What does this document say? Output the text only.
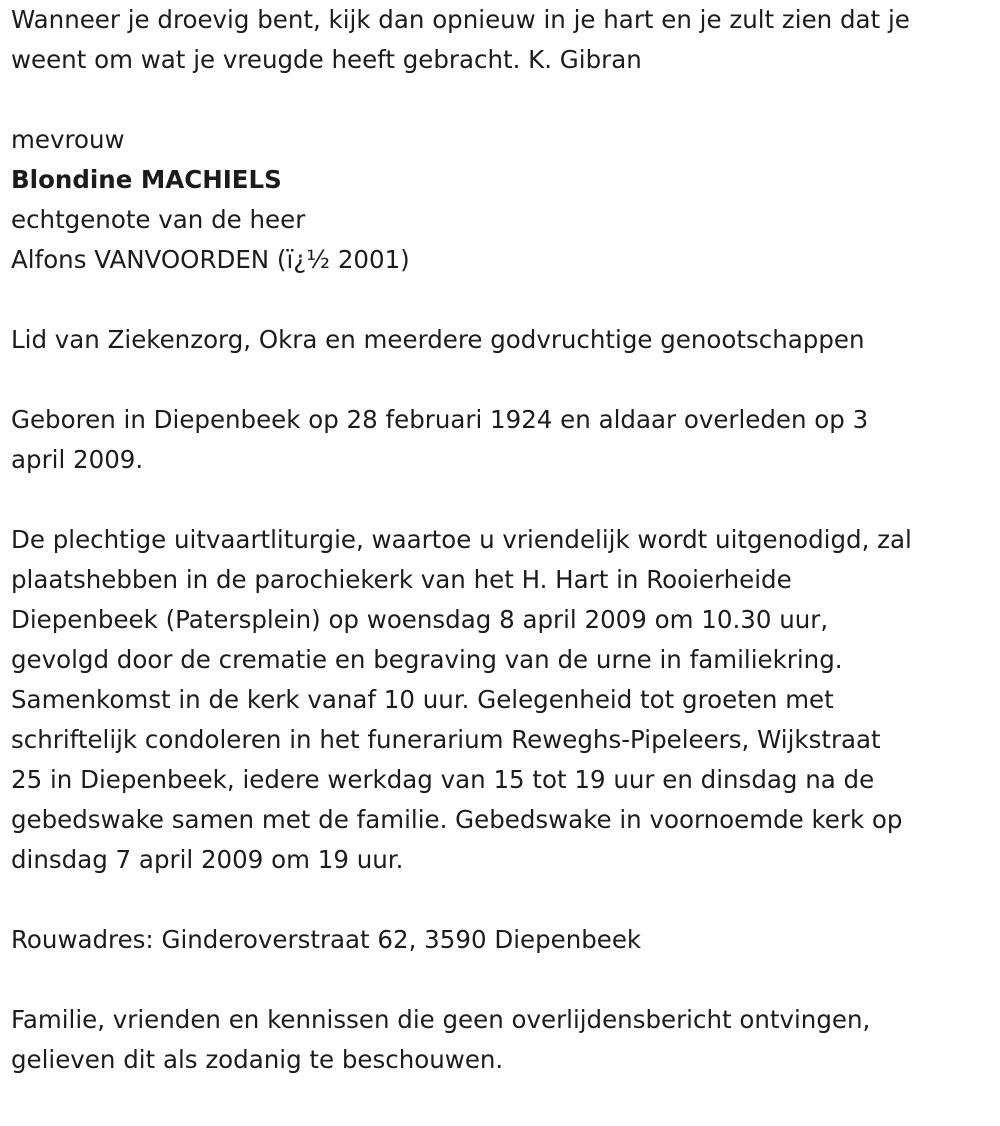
Wanneer je droevig bent, kijk dan opnieuw in je hart en je zult zien dat je
weent om wat je vreugde heeft gebracht. K. Gibran
mevrouw
Blondine MACHIELS
echtgenote van de heer
Alfons VANVOORDEN (ï¿½ 2001)
Lid van Ziekenzorg, Okra en meerdere godvruchtige genootschappen
Geboren in Diepenbeek op 28 februari 1924 en aldaar overleden op 3
april 2009.
De plechtige uitvaartliturgie, waartoe u vriendelijk wordt uitgenodigd, zal
plaatshebben in de parochiekerk van het H. Hart in Rooierheide
Diepenbeek (Patersplein) op woensdag 8 april 2009 om 10.30 uur,
gevolgd door de crematie en begraving van de urne in familiekring.
Samenkomst in de kerk vanaf 10 uur. Gelegenheid tot groeten met
schriftelijk condoleren in het funerarium Reweghs-Pipeleers, Wijkstraat
25 in Diepenbeek, iedere werkdag van 15 tot 19 uur en dinsdag na de
gebedswake samen met de familie. Gebedswake in voornoemde kerk op
dinsdag 7 april 2009 om 19 uur.
Rouwadres: Ginderoverstraat 62, 3590 Diepenbeek
Familie, vrienden en kennissen die geen overlijdensbericht ontvingen,
gelieven dit als zodanig te beschouwen.
